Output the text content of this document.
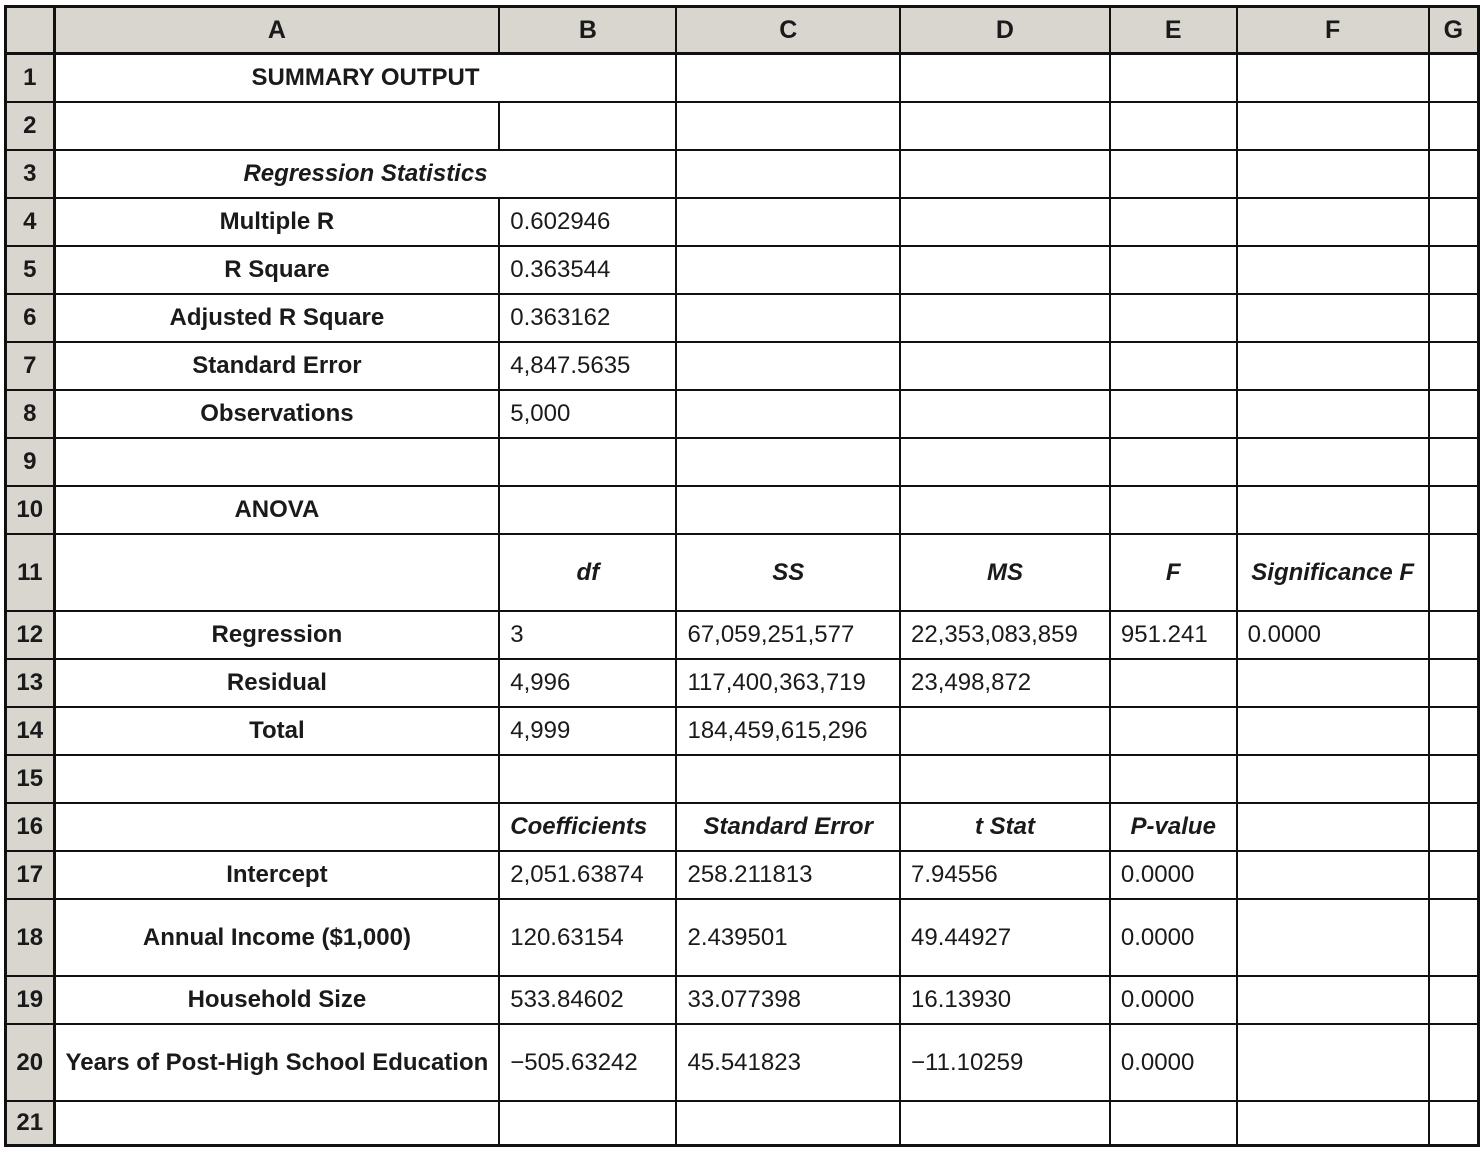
	A	B	C	D	E	F	G
1	SUMMARY OUTPUT						
2							
3	Regression Statistics						
4	Multiple R	0.602946					
5	R Square	0.363544					
6	Adjusted R Square	0.363162					
7	Standard Error	4,847.5635					
8	Observations	5,000					
9							
10	ANOVA						
11		df	SS	MS	F	Significance F	
12	Regression	3	67,059,251,577	22,353,083,859	951.241	0.0000	
13	Residual	4,996	117,400,363,719	23,498,872			
14	Total	4,999	184,459,615,296				
15							
16		Coefficients	Standard Error	t Stat	P-value		
17	Intercept	2,051.63874	258.211813	7.94556	0.0000		
18	Annual Income ($1,000)	120.63154	2.439501	49.44927	0.0000		
19	Household Size	533.84602	33.077398	16.13930	0.0000		
20	Years of Post-High School Education	−505.63242	45.541823	−11.10259	0.0000		
21							
